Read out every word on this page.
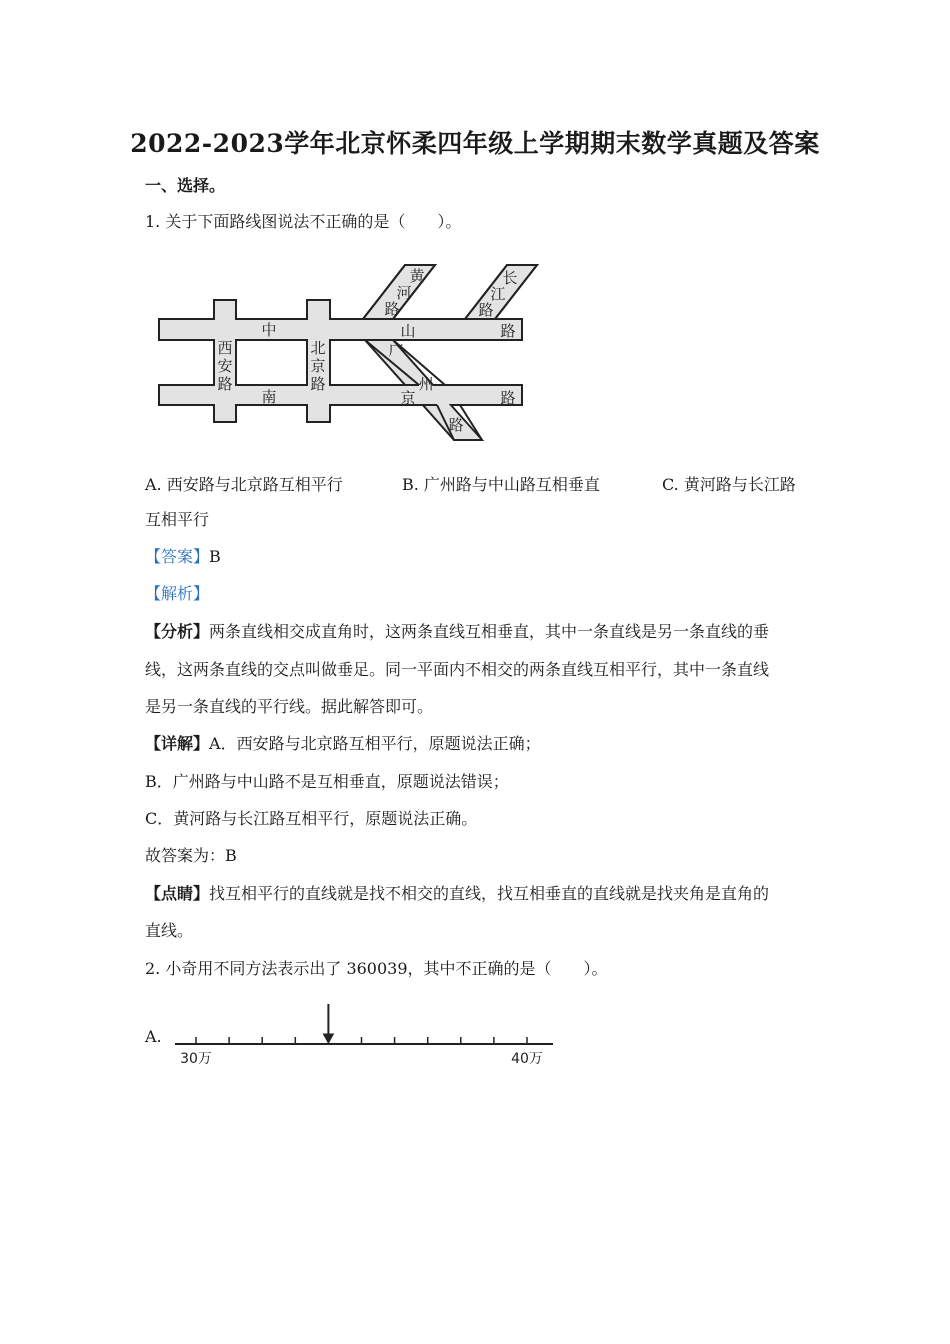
2022-2023学年北京怀柔四年级上学期期末数学真题及答案
一、选择。
1. 关于下面路线图说法不正确的是（　　）。
中	山	路
西
安
路
北
京
路
南	京	路
黄
河
路
长
江
路
广
州
路
A. 西安路与北京路互相平行	B. 广州路与中山路互相垂直	C. 黄河路与长江路
互相平行
【答案】B
【解析】
【分析】两条直线相交成直角时，这两条直线互相垂直，其中一条直线是另一条直线的垂
线，这两条直线的交点叫做垂足。同一平面内不相交的两条直线互相平行，其中一条直线
是另一条直线的平行线。据此解答即可。
【详解】A．西安路与北京路互相平行，原题说法正确；
B．广州路与中山路不是互相垂直，原题说法错误；
C．黄河路与长江路互相平行，原题说法正确。
故答案为：B
【点睛】找互相平行的直线就是找不相交的直线，找互相垂直的直线就是找夹角是直角的
直线。
2. 小奇用不同方法表示出了 360039，其中不正确的是（　　）。
A.
30万	40万
